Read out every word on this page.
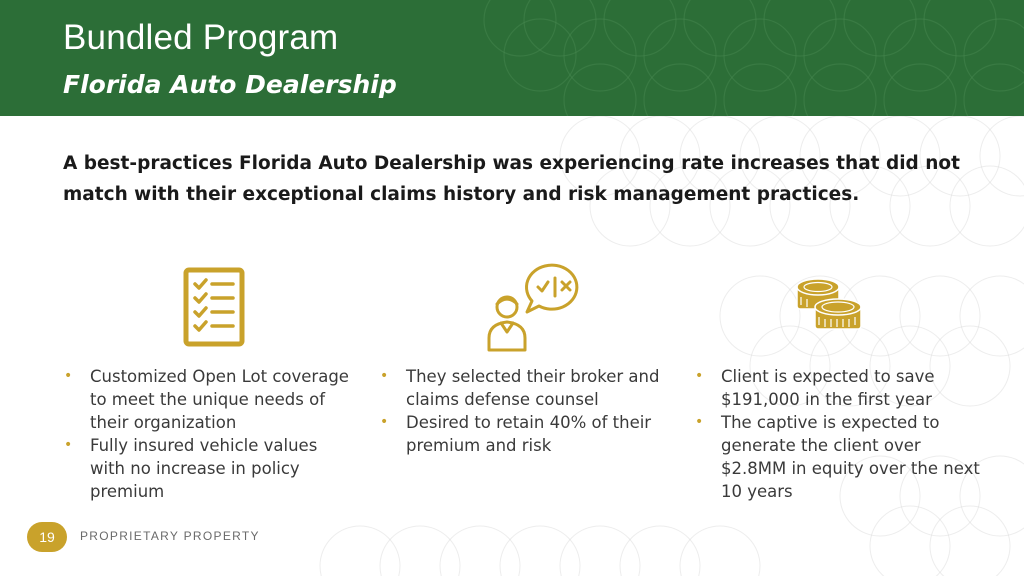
Bundled Program
Florida Auto Dealership
A best-practices Florida Auto Dealership was experiencing rate increases that did not match with their exceptional claims history and risk management practices.
• Customized Open Lot coverage to meet the unique needs of their organization
• Fully insured vehicle values with no increase in policy premium
• They selected their broker and claims defense counsel
• Desired to retain 40% of their premium and risk
• Client is expected to save $191,000 in the first year
• The captive is expected to generate the client over $2.8MM in equity over the next 10 years
19	PROPRIETARY PROPERTY
